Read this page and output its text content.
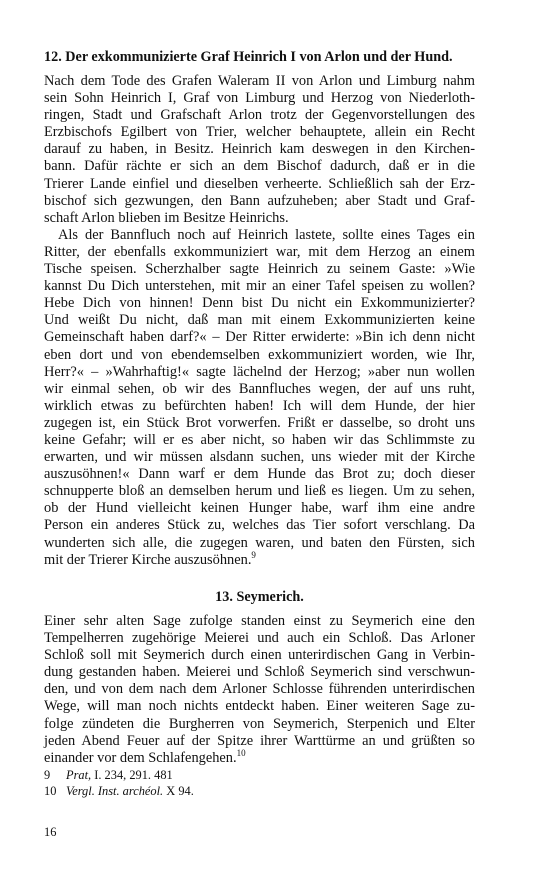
12. Der exkommunizierte Graf Heinrich I von Arlon und der Hund.
Nach dem Tode des Grafen Waleram II von Arlon und Limburg nahm
sein Sohn Heinrich I, Graf von Limburg und Herzog von Niederloth-
ringen, Stadt und Grafschaft Arlon trotz der Gegenvorstellungen des
Erzbischofs Egilbert von Trier, welcher behauptete, allein ein Recht
darauf zu haben, in Besitz. Heinrich kam deswegen in den Kirchen-
bann. Dafür rächte er sich an dem Bischof dadurch, daß er in die
Trierer Lande einfiel und dieselben verheerte. Schließlich sah der Erz-
bischof sich gezwungen, den Bann aufzuheben; aber Stadt und Graf-
schaft Arlon blieben im Besitze Heinrichs.
Als der Bannfluch noch auf Heinrich lastete, sollte eines Tages ein
Ritter, der ebenfalls exkommuniziert war, mit dem Herzog an einem
Tische speisen. Scherzhalber sagte Heinrich zu seinem Gaste: »Wie
kannst Du Dich unterstehen, mit mir an einer Tafel speisen zu wollen?
Hebe Dich von hinnen! Denn bist Du nicht ein Exkommunizierter?
Und weißt Du nicht, daß man mit einem Exkommunizierten keine
Gemeinschaft haben darf?« – Der Ritter erwiderte: »Bin ich denn nicht
eben dort und von ebendemselben exkommuniziert worden, wie Ihr,
Herr?« – »Wahrhaftig!« sagte lächelnd der Herzog; »aber nun wollen
wir einmal sehen, ob wir des Bannfluches wegen, der auf uns ruht,
wirklich etwas zu befürchten haben! Ich will dem Hunde, der hier
zugegen ist, ein Stück Brot vorwerfen. Frißt er dasselbe, so droht uns
keine Gefahr; will er es aber nicht, so haben wir das Schlimmste zu
erwarten, und wir müssen alsdann suchen, uns wieder mit der Kirche
auszusöhnen!« Dann warf er dem Hunde das Brot zu; doch dieser
schnupperte bloß an demselben herum und ließ es liegen. Um zu sehen,
ob der Hund vielleicht keinen Hunger habe, warf ihm eine andre
Person ein anderes Stück zu, welches das Tier sofort verschlang. Da
wunderten sich alle, die zugegen waren, und baten den Fürsten, sich
mit der Trierer Kirche auszusöhnen.$^9$
13. Seymerich.
Einer sehr alten Sage zufolge standen einst zu Seymerich eine den
Tempelherren zugehörige Meierei und auch ein Schloß. Das Arloner
Schloß soll mit Seymerich durch einen unterirdischen Gang in Verbin-
dung gestanden haben. Meierei und Schloß Seymerich sind verschwun-
den, und von dem nach dem Arloner Schlosse führenden unterirdischen
Wege, will man noch nichts entdeckt haben. Einer weiteren Sage zu-
folge zündeten die Burgherren von Seymerich, Sterpenich und Elter
jeden Abend Feuer auf der Spitze ihrer Warttürme an und grüßten so
einander vor dem Schlafengehen.$^{10}$
9 Prat, I. 234, 291. 481
10 Vergl. Inst. archéol. X 94.
16
